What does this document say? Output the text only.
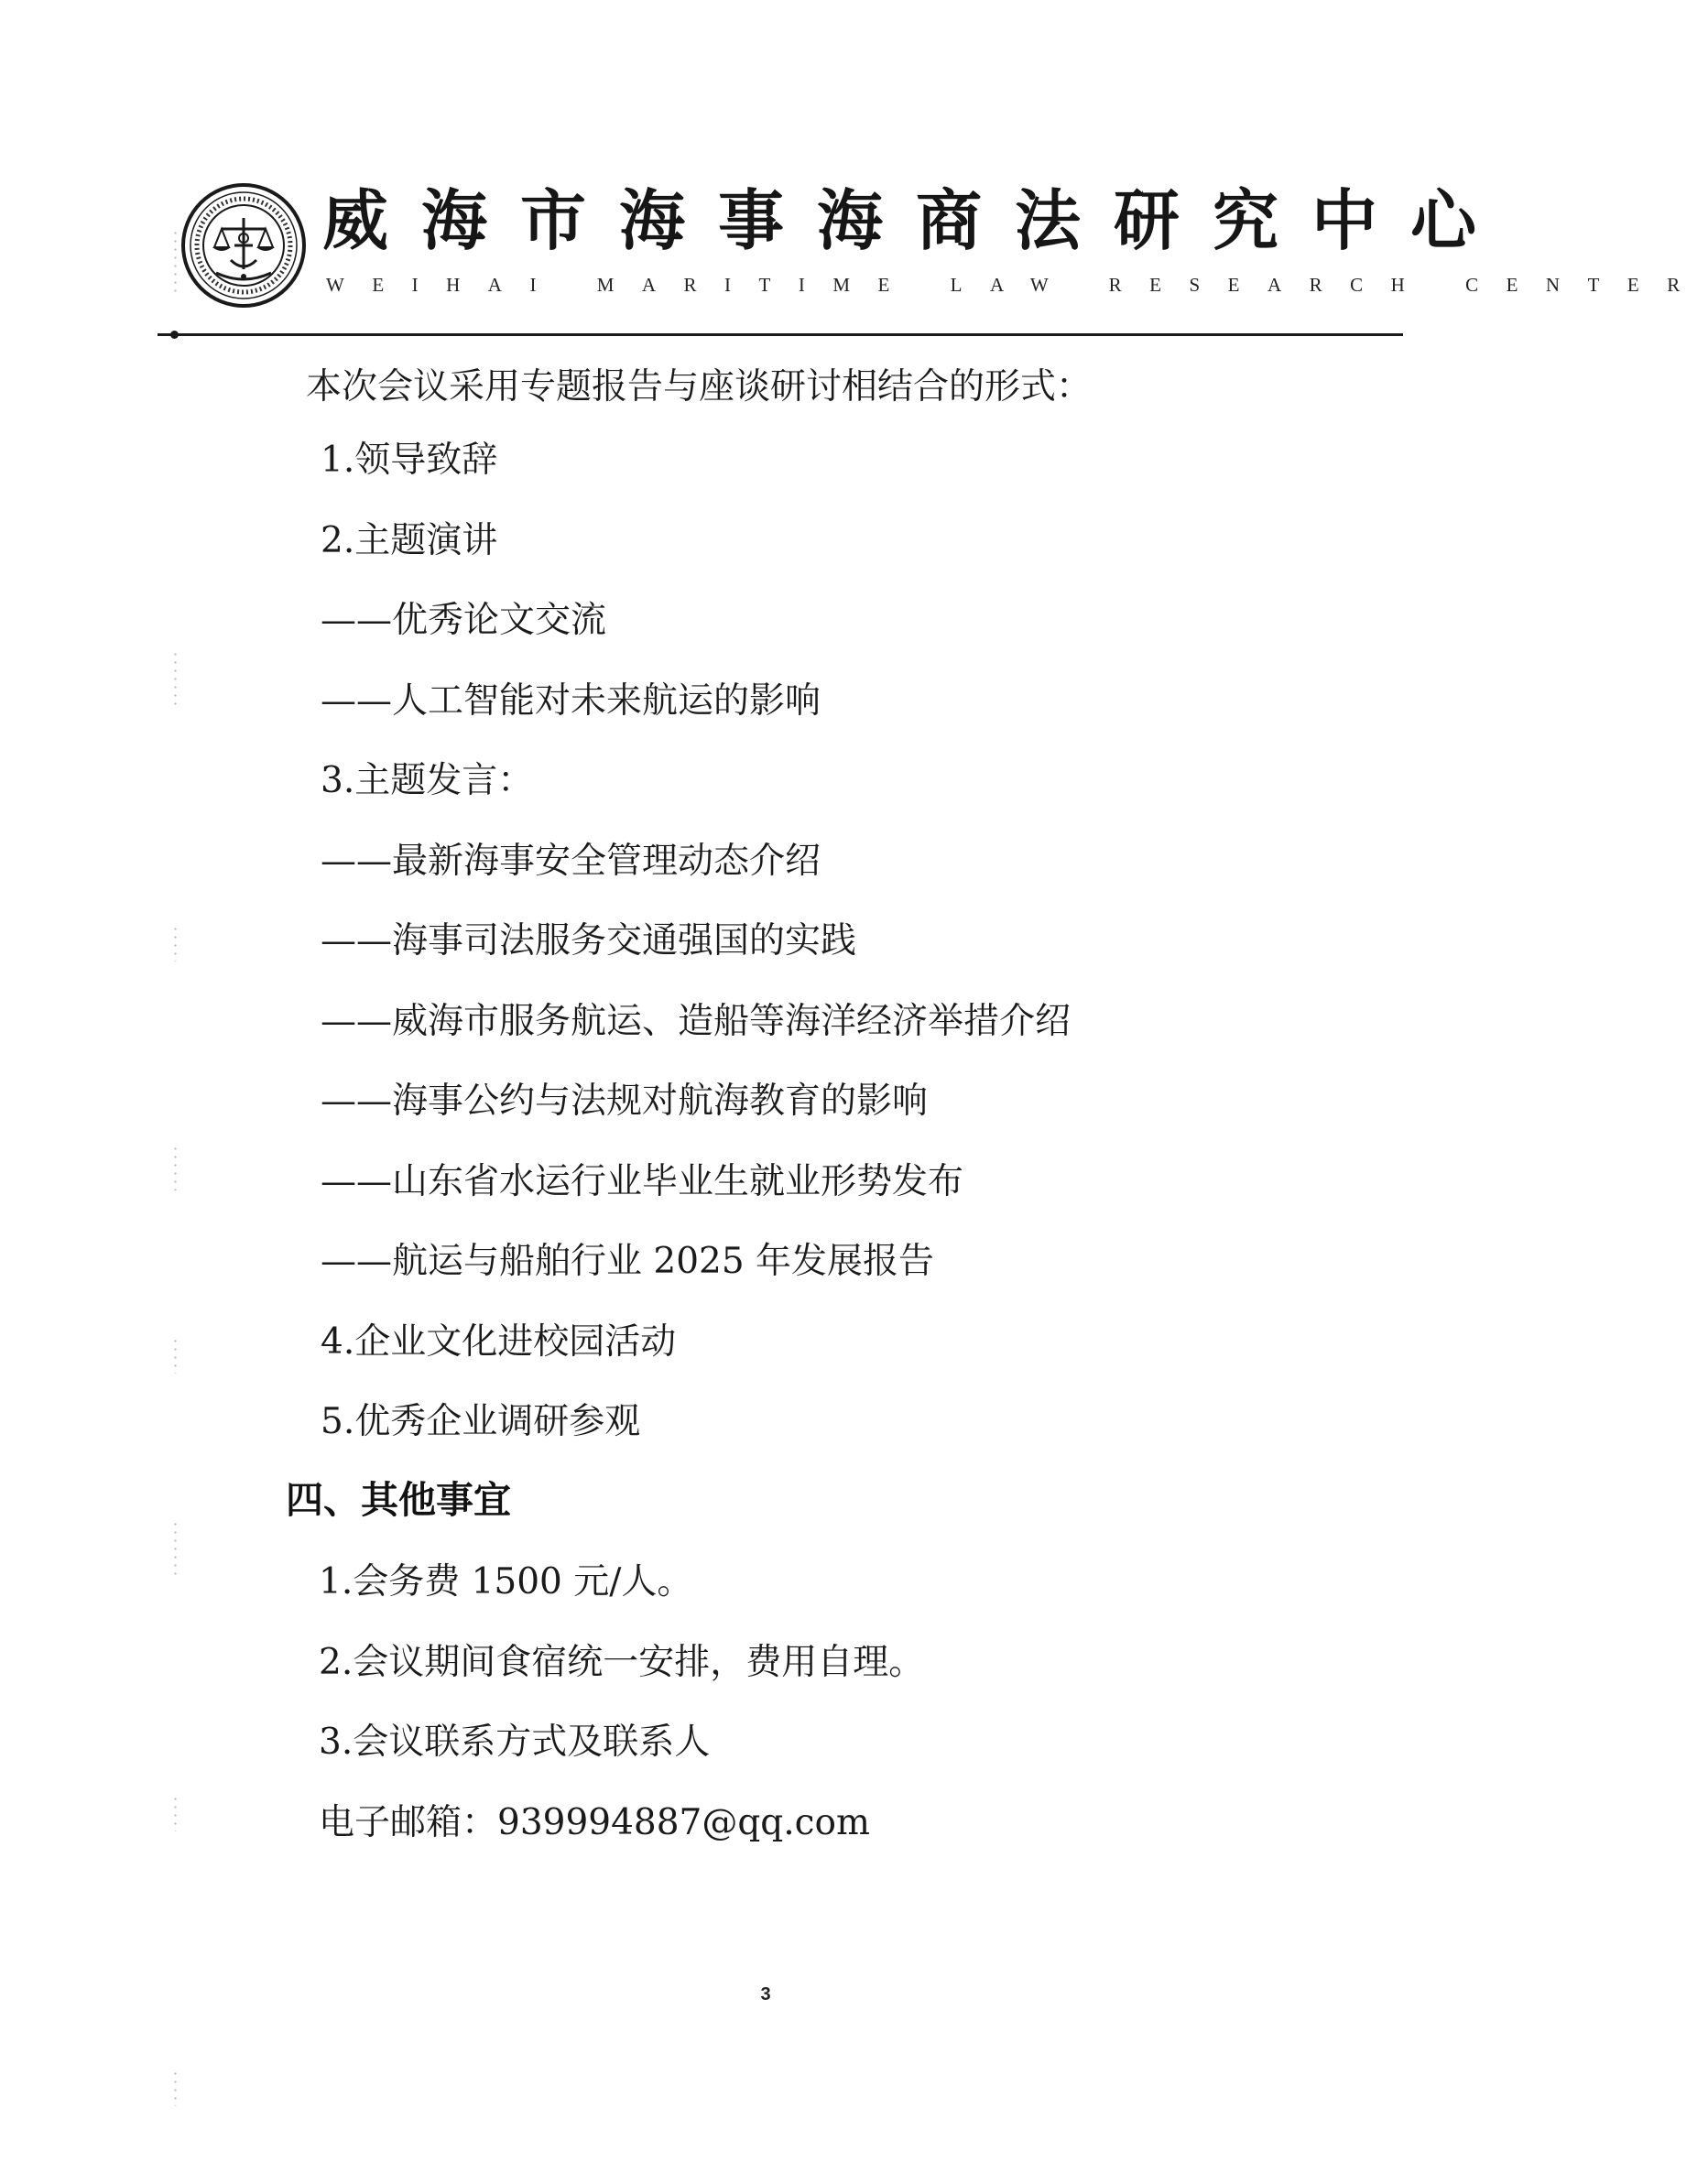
威海市海事海商法研究中心
WEIHAI MARITIME LAW RESEARCH CENTER
本次会议采用专题报告与座谈研讨相结合的形式：
1.领导致辞
2.主题演讲
——优秀论文交流
——人工智能对未来航运的影响
3.主题发言：
——最新海事安全管理动态介绍
——海事司法服务交通强国的实践
——威海市服务航运、造船等海洋经济举措介绍
——海事公约与法规对航海教育的影响
——山东省水运行业毕业生就业形势发布
——航运与船舶行业 2025 年发展报告
4.企业文化进校园活动
5.优秀企业调研参观
四、其他事宜
1.会务费 1500 元/人。
2.会议期间食宿统一安排，费用自理。
3.会议联系方式及联系人
电子邮箱：939994887@qq.com
3
